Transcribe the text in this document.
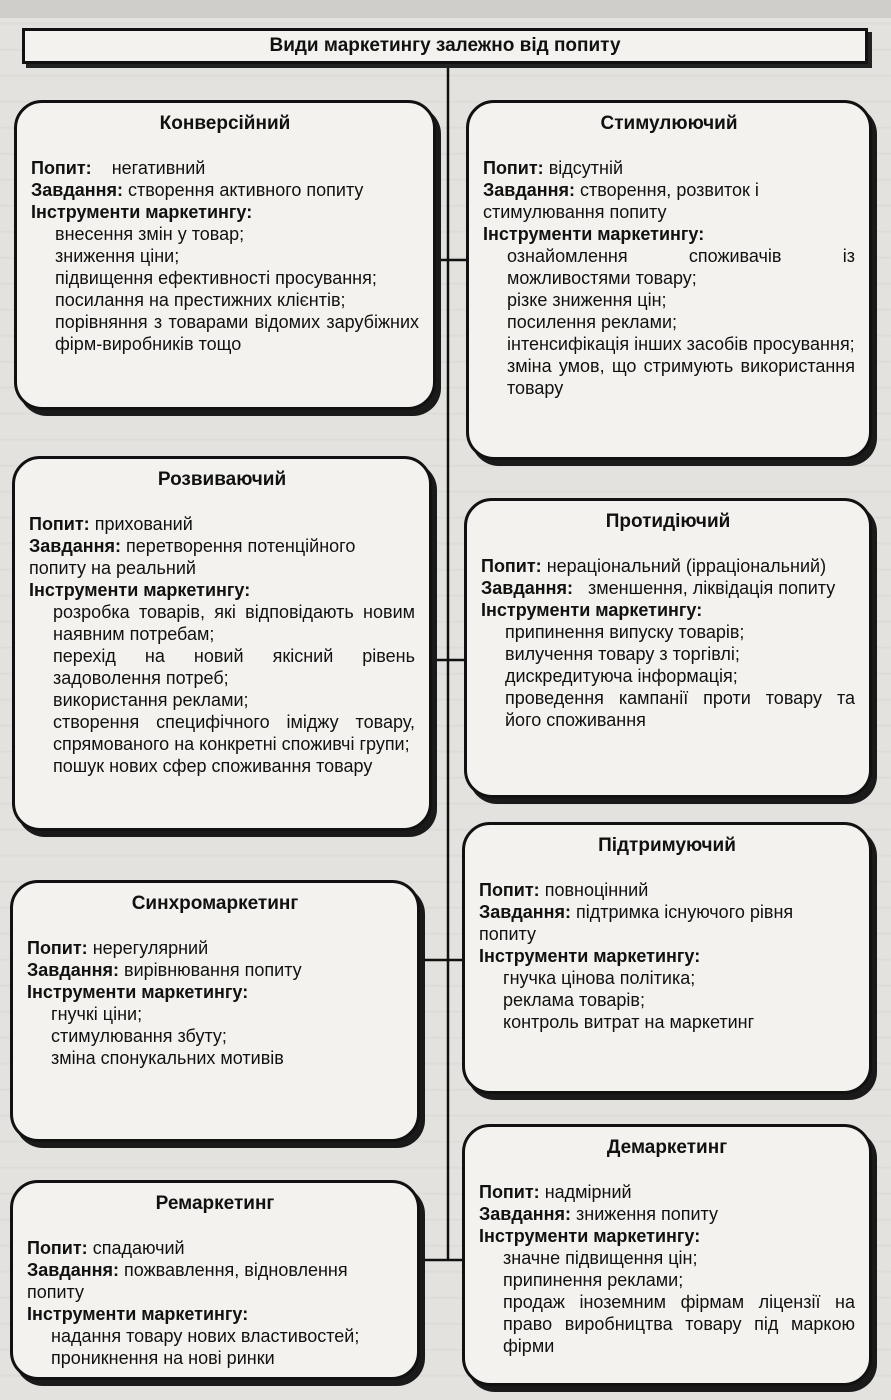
Види маркетингу залежно від попиту
Конверсійний

Попит: негативний

Завдання: створення активного попиту

Інструменти маркетингу:

внесення змін у товар;
зниження ціни;
підвищення ефективності просування;
посилання на престижних клієнтів;
порівняння з товарами відомих зарубіжних фірм-виробників тощо
Стимулюючий

Попит: відсутній

Завдання: створення, розвиток і стимулювання попиту

Інструменти маркетингу:

ознайомлення споживачів із можливостями товару;
різке зниження цін;
посилення реклами;
інтенсифікація інших засобів просування;
зміна умов, що стримують використання товару
Розвиваючий

Попит: прихований

Завдання: перетворення потенційного попиту на реальний

Інструменти маркетингу:

розробка товарів, які відповідають новим наявним потребам;
перехід на новий якісний рівень задоволення потреб;
використання реклами;
створення специфічного іміджу товару, спрямованого на конкретні споживчі групи;
пошук нових сфер споживання товару
Протидіючий

Попит: нераціональний (ірраціональний)

Завдання: зменшення, ліквідація попиту

Інструменти маркетингу:

припинення випуску товарів;
вилучення товару з торгівлі;
дискредитуюча інформація;
проведення кампанії проти товару та його споживання
Синхромаркетинг

Попит: нерегулярний

Завдання: вирівнювання попиту

Інструменти маркетингу:

гнучкі ціни;
стимулювання збуту;
зміна спонукальних мотивів
Підтримуючий

Попит: повноцінний

Завдання: підтримка існуючого рівня попиту

Інструменти маркетингу:

гнучка цінова політика;
реклама товарів;
контроль витрат на маркетинг
Ремаркетинг

Попит: спадаючий

Завдання: пожвавлення, відновлення попиту

Інструменти маркетингу:

надання товару нових властивостей;
проникнення на нові ринки
Демаркетинг

Попит: надмірний

Завдання: зниження попиту

Інструменти маркетингу:

значне підвищення цін;
припинення реклами;
продаж іноземним фірмам ліцензії на право виробництва товару під маркою фірми
